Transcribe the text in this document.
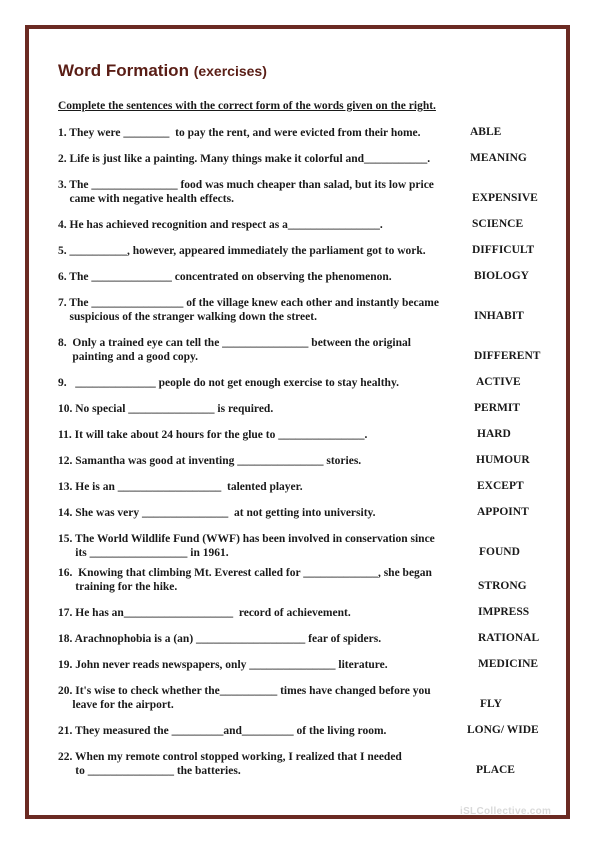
Word Formation (exercises)
Complete the sentences with the correct form of the words given on the right.
1. They were ________  to pay the rent, and were evicted from their home.	ABLE
2. Life is just like a painting. Many things make it colorful and___________.	MEANING
3. The _______________ food was much cheaper than salad, but its low price
came with negative health effects.	EXPENSIVE
4. He has achieved recognition and respect as a________________.	SCIENCE
5. __________, however, appeared immediately the parliament got to work.	DIFFICULT
6. The ______________ concentrated on observing the phenomenon.	BIOLOGY
7. The ________________ of the village knew each other and instantly became
suspicious of the stranger walking down the street.	INHABIT
8.  Only a trained eye can tell the _______________ between the original
painting and a good copy.	DIFFERENT
9.   ______________ people do not get enough exercise to stay healthy.	ACTIVE
10. No special _______________ is required.	PERMIT
11. It will take about 24 hours for the glue to _______________.	HARD
12. Samantha was good at inventing _______________ stories.	HUMOUR
13. He is an __________________  talented player.	EXCEPT
14. She was very _______________  at not getting into university.	APPOINT
15. The World Wildlife Fund (WWF) has been involved in conservation since
its _________________ in 1961.	FOUND
16.  Knowing that climbing Mt. Everest called for _____________, she began
training for the hike.	STRONG
17. He has an___________________  record of achievement.	IMPRESS
18. Arachnophobia is a (an) ___________________ fear of spiders.	RATIONAL
19. John never reads newspapers, only _______________ literature.	MEDICINE
20. It's wise to check whether the__________ times have changed before you
leave for the airport.	FLY
21. They measured the _________and_________ of the living room.	LONG/ WIDE
22. When my remote control stopped working, I realized that I needed
to _______________ the batteries.	PLACE
iSLCollective.com
